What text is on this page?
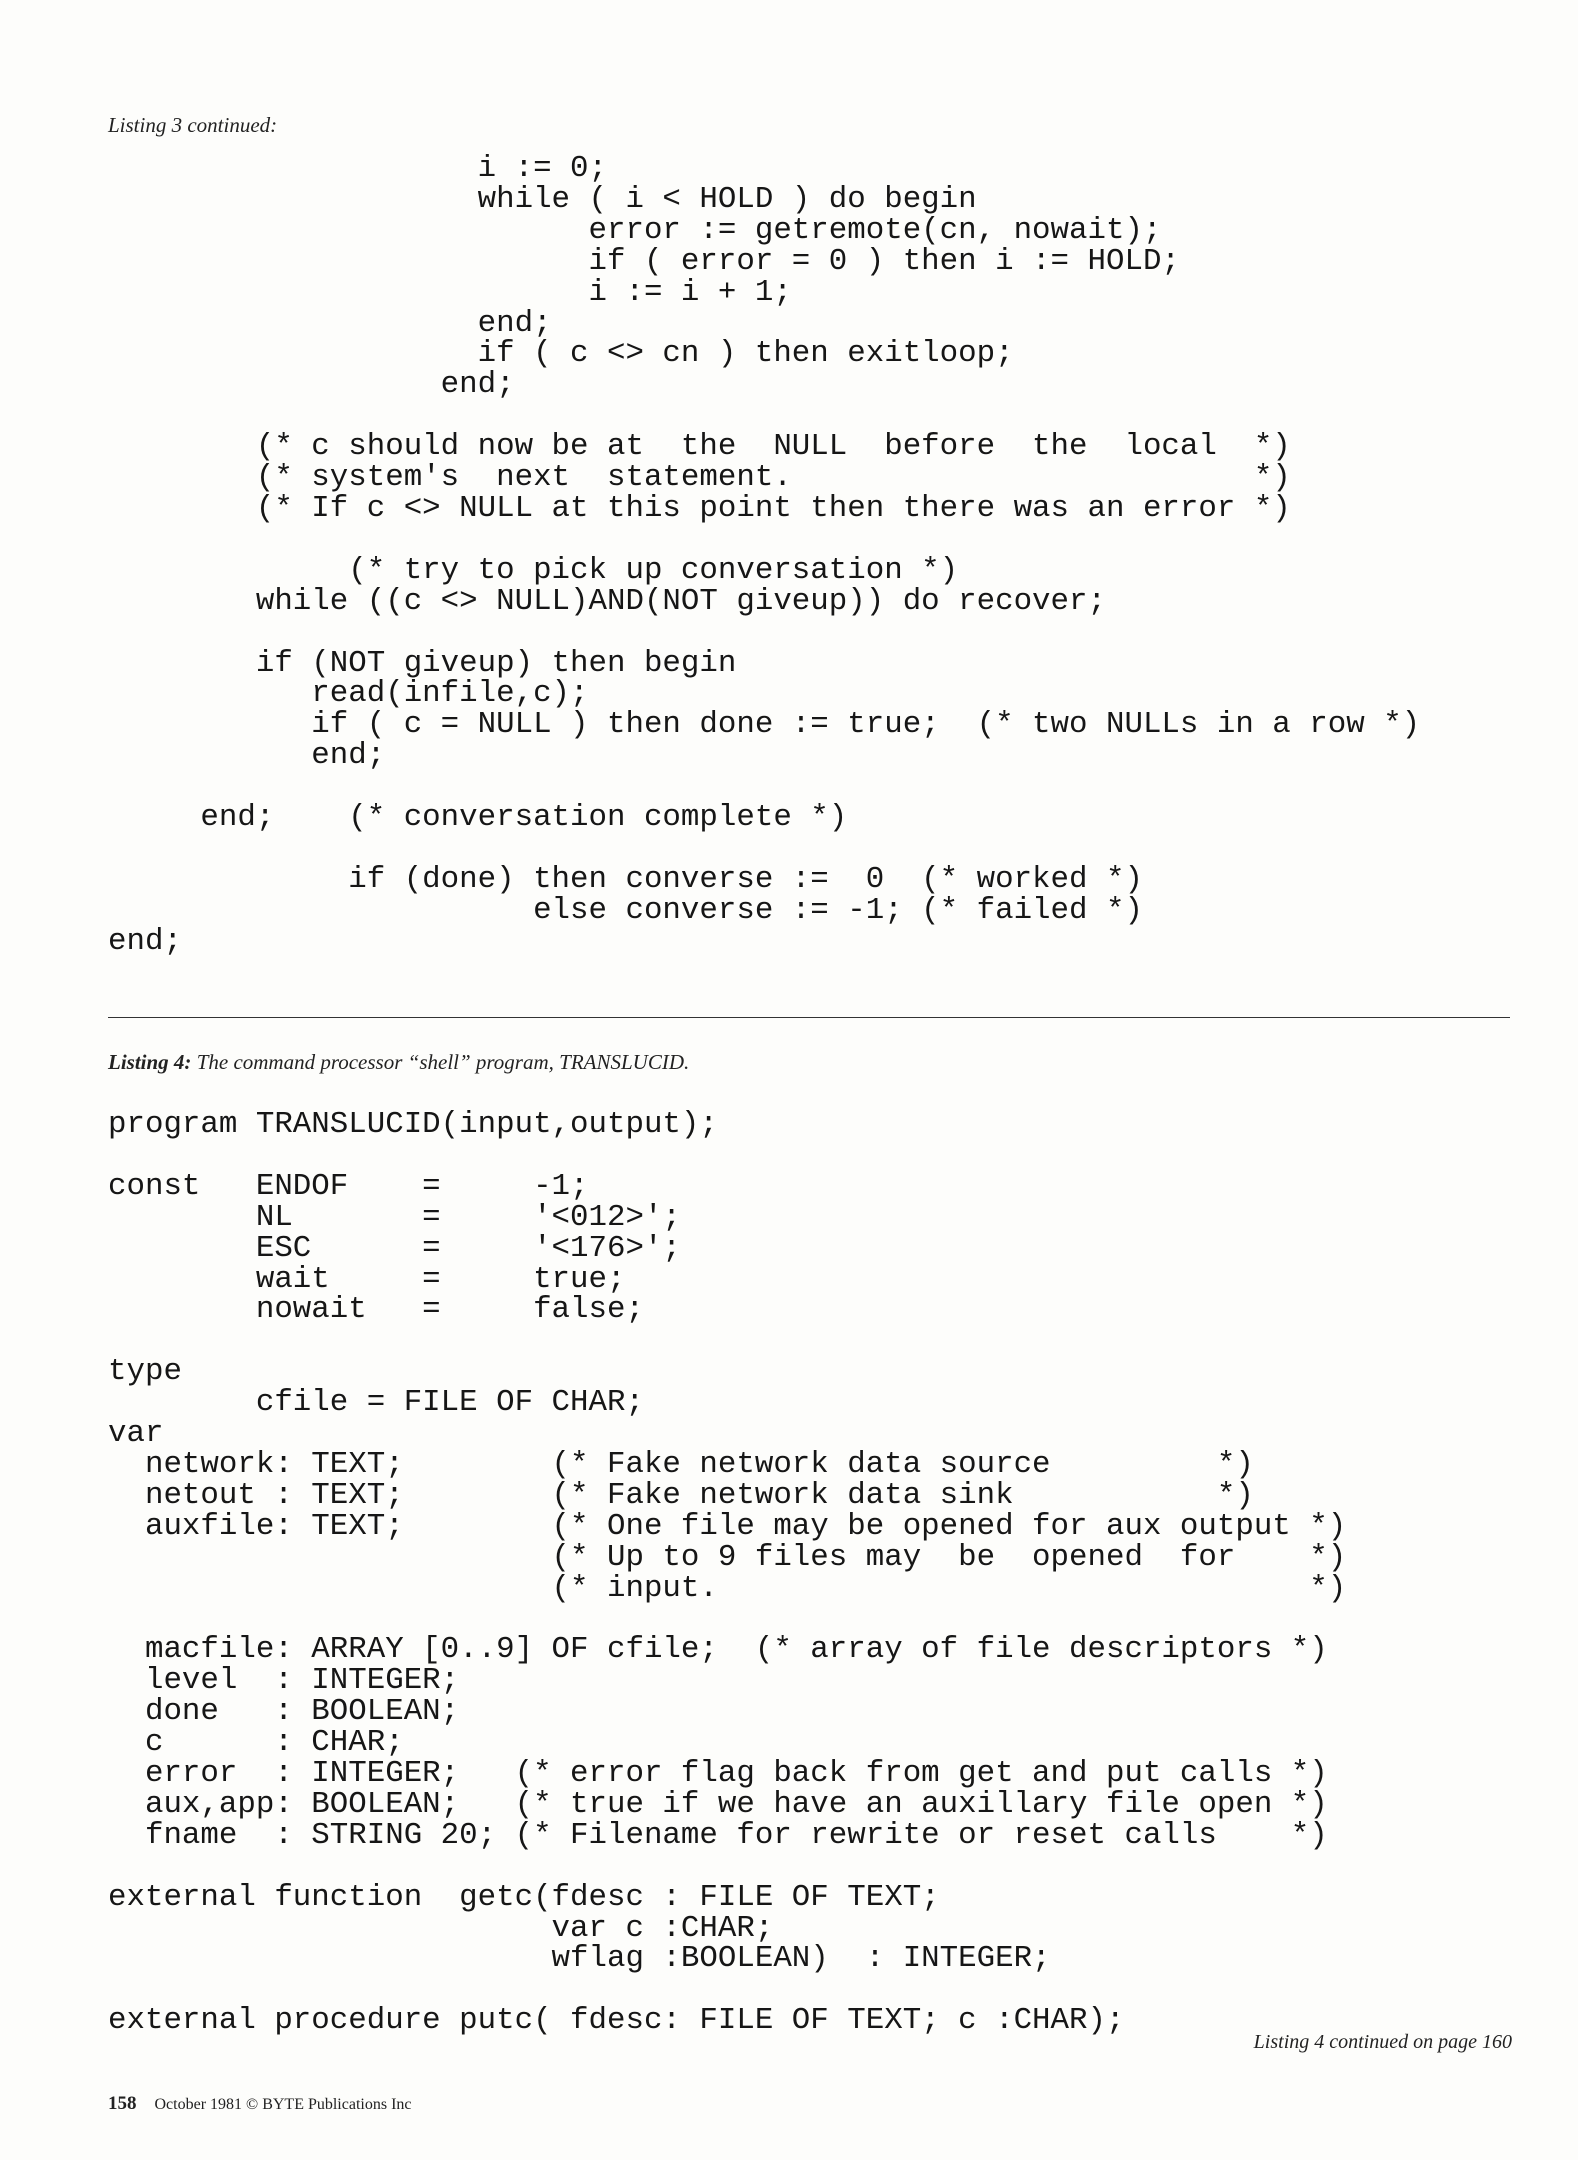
Listing 3 continued:
i := 0;
while ( i < HOLD ) do begin
error := getremote(cn, nowait);
if ( error = 0 ) then i := HOLD;
i := i + 1;
end;
if ( c <> cn ) then exitloop;
end;

(* c should now be at  the  NULL  before  the  local  *)
(* system's  next  statement.                         *)
(* If c <> NULL at this point then there was an error *)

(* try to pick up conversation *)
while ((c <> NULL)AND(NOT giveup)) do recover;

if (NOT giveup) then begin
read(infile,c);
if ( c = NULL ) then done := true;  (* two NULLs in a row *)
end;

end;    (* conversation complete *)

if (done) then converse :=  0  (* worked *)
else converse := -1; (* failed *)
end;
Listing 4: The command processor “shell” program, TRANSLUCID.
program TRANSLUCID(input,output);

const   ENDOF    =     -1;
NL       =     '<012>';
ESC      =     '<176>';
wait     =     true;
nowait   =     false;

type
cfile = FILE OF CHAR;
var
network: TEXT;        (* Fake network data source         *)
netout : TEXT;        (* Fake network data sink           *)
auxfile: TEXT;        (* One file may be opened for aux output *)
(* Up to 9 files may  be  opened  for    *)
(* input.                                *)

macfile: ARRAY [0..9] OF cfile;  (* array of file descriptors *)
level  : INTEGER;
done   : BOOLEAN;
c      : CHAR;
error  : INTEGER;   (* error flag back from get and put calls *)
aux,app: BOOLEAN;   (* true if we have an auxillary file open *)
fname  : STRING 20; (* Filename for rewrite or reset calls    *)

external function  getc(fdesc : FILE OF TEXT;
var c :CHAR;
wflag :BOOLEAN)  : INTEGER;

external procedure putc( fdesc: FILE OF TEXT; c :CHAR);
Listing 4 continued on page 160
158 October 1981 © BYTE Publications Inc
